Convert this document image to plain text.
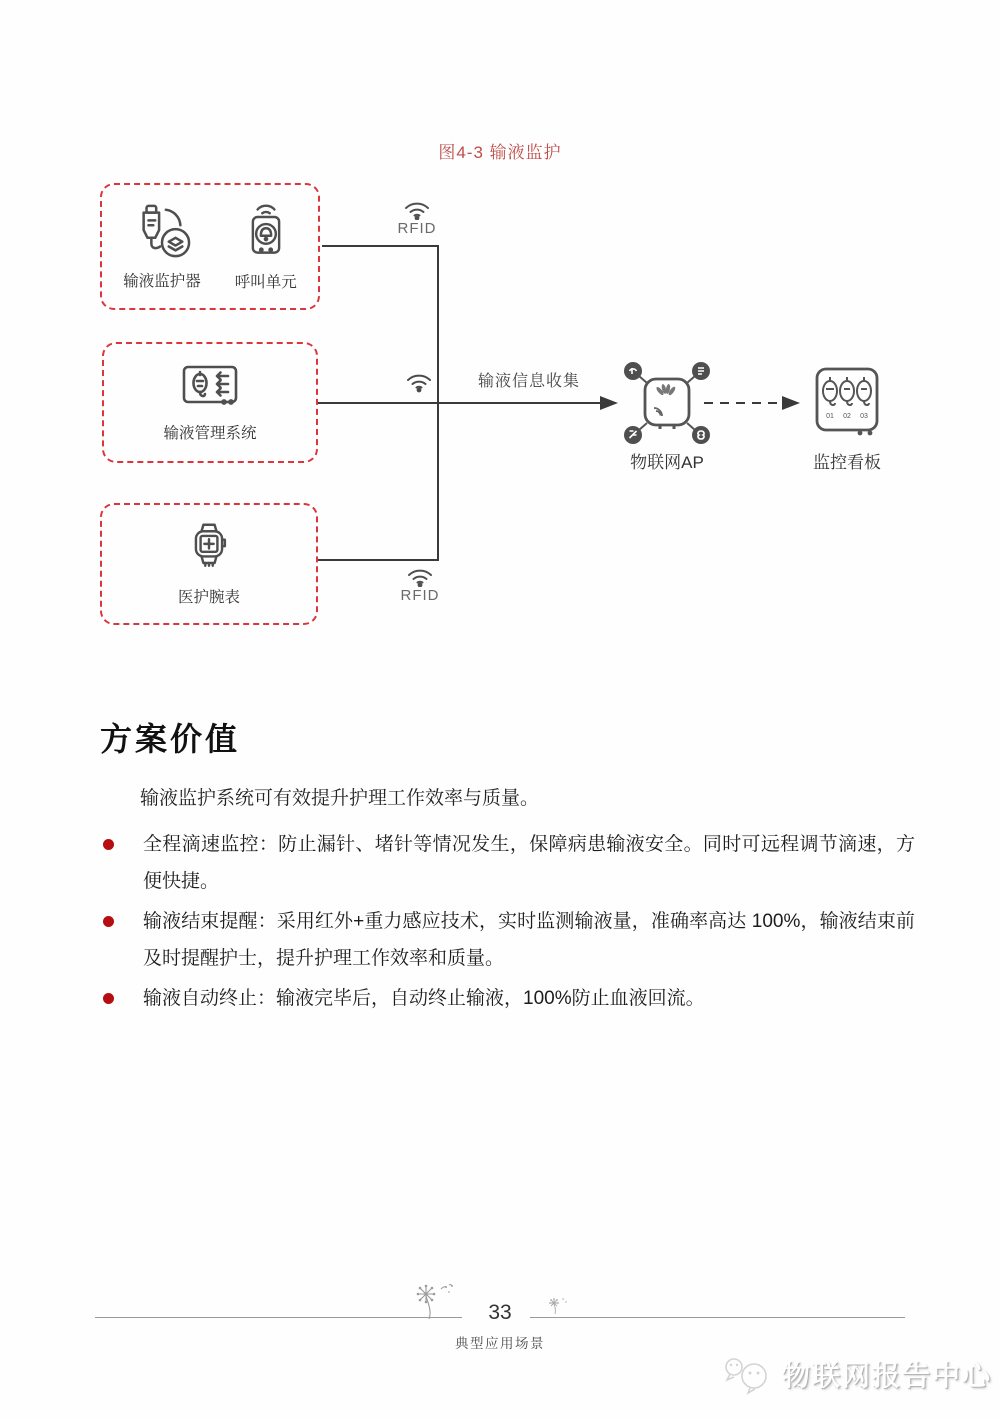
图4-3 输液监护
输液监护器 呼叫单元
输液管理系统
医护腕表
RFID
输液信息收集
RFID
物联网AP
01 02 03
监控看板
方案价值

输液监护系统可有效提升护理工作效率与质量。

全程滴速监控：防止漏针、堵针等情况发生，保障病患输液安全。同时可远程调节滴速，方便快捷。
输液结束提醒：采用红外+重力感应技术，实时监测输液量，准确率高达 100%，输液结束前及时提醒护士，提升护理工作效率和质量。
输液自动终止：输液完毕后，自动终止输液，100%防止血液回流。
33
典型应用场景
物联网报告中心
